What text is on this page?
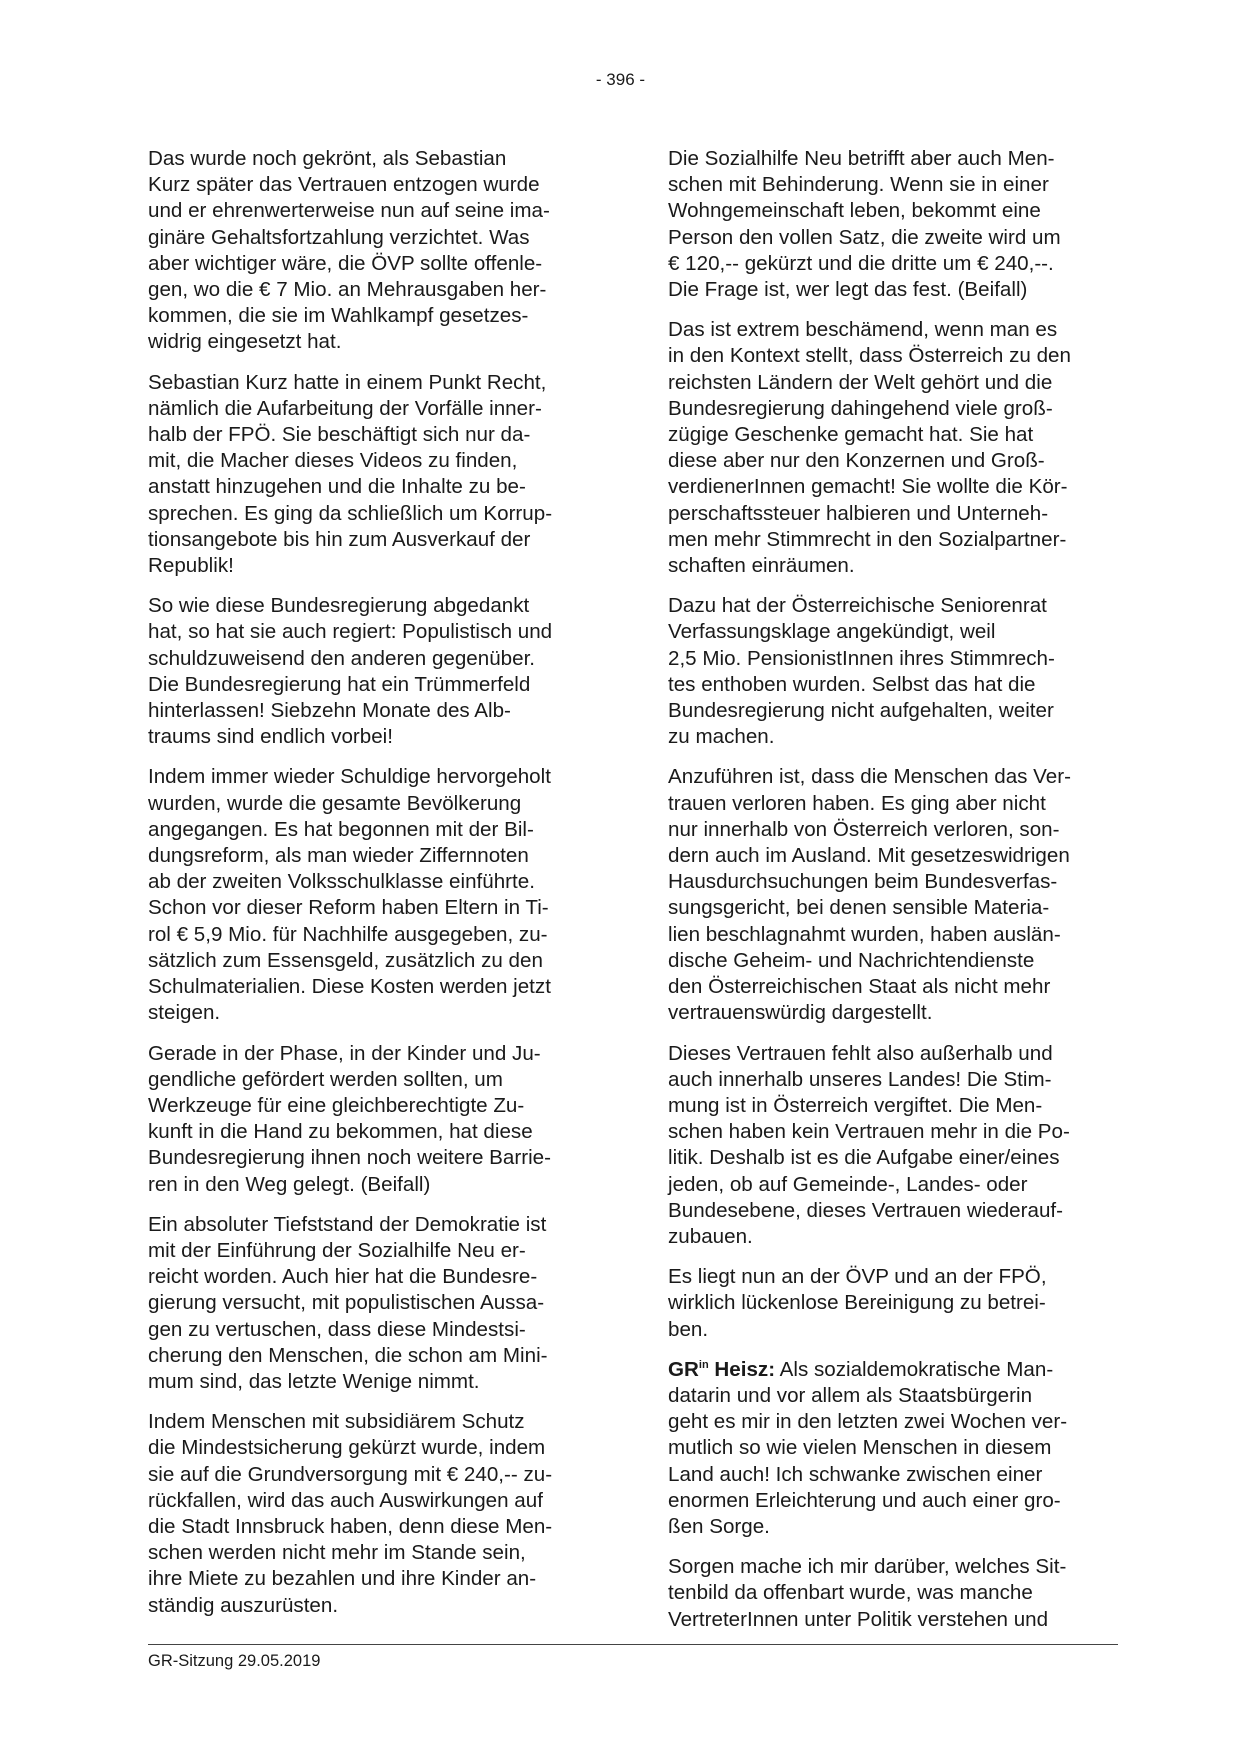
- 396 -

Das wurde noch gekrönt, als Sebastian
Kurz später das Vertrauen entzogen wurde
und er ehrenwerterweise nun auf seine ima-
ginäre Gehaltsfortzahlung verzichtet. Was
aber wichtiger wäre, die ÖVP sollte offenle-
gen, wo die € 7 Mio. an Mehrausgaben her-
kommen, die sie im Wahlkampf gesetzes-
widrig eingesetzt hat.

Sebastian Kurz hatte in einem Punkt Recht,
nämlich die Aufarbeitung der Vorfälle inner-
halb der FPÖ. Sie beschäftigt sich nur da-
mit, die Macher dieses Videos zu finden,
anstatt hinzugehen und die Inhalte zu be-
sprechen. Es ging da schließlich um Korrup-
tionsangebote bis hin zum Ausverkauf der
Republik!

So wie diese Bundesregierung abgedankt
hat, so hat sie auch regiert: Populistisch und
schuldzuweisend den anderen gegenüber.
Die Bundesregierung hat ein Trümmerfeld
hinterlassen! Siebzehn Monate des Alb-
traums sind endlich vorbei!

Indem immer wieder Schuldige hervorgeholt
wurden, wurde die gesamte Bevölkerung
angegangen. Es hat begonnen mit der Bil-
dungsreform, als man wieder Ziffernnoten
ab der zweiten Volksschulklasse einführte.
Schon vor dieser Reform haben Eltern in Ti-
rol € 5,9 Mio. für Nachhilfe ausgegeben, zu-
sätzlich zum Essensgeld, zusätzlich zu den
Schulmaterialien. Diese Kosten werden jetzt
steigen.

Gerade in der Phase, in der Kinder und Ju-
gendliche gefördert werden sollten, um
Werkzeuge für eine gleichberechtigte Zu-
kunft in die Hand zu bekommen, hat diese
Bundesregierung ihnen noch weitere Barrie-
ren in den Weg gelegt. (Beifall)

Ein absoluter Tiefststand der Demokratie ist
mit der Einführung der Sozialhilfe Neu er-
reicht worden. Auch hier hat die Bundesre-
gierung versucht, mit populistischen Aussa-
gen zu vertuschen, dass diese Mindestsi-
cherung den Menschen, die schon am Mini-
mum sind, das letzte Wenige nimmt.

Indem Menschen mit subsidiärem Schutz
die Mindestsicherung gekürzt wurde, indem
sie auf die Grundversorgung mit € 240,-- zu-
rückfallen, wird das auch Auswirkungen auf
die Stadt Innsbruck haben, denn diese Men-
schen werden nicht mehr im Stande sein,
ihre Miete zu bezahlen und ihre Kinder an-
ständig auszurüsten.

Die Sozialhilfe Neu betrifft aber auch Men-
schen mit Behinderung. Wenn sie in einer
Wohngemeinschaft leben, bekommt eine
Person den vollen Satz, die zweite wird um
€ 120,-- gekürzt und die dritte um € 240,--.
Die Frage ist, wer legt das fest. (Beifall)

Das ist extrem beschämend, wenn man es
in den Kontext stellt, dass Österreich zu den
reichsten Ländern der Welt gehört und die
Bundesregierung dahingehend viele groß-
zügige Geschenke gemacht hat. Sie hat
diese aber nur den Konzernen und Groß-
verdienerInnen gemacht! Sie wollte die Kör-
perschaftssteuer halbieren und Unterneh-
men mehr Stimmrecht in den Sozialpartner-
schaften einräumen.

Dazu hat der Österreichische Seniorenrat
Verfassungsklage angekündigt, weil
2,5 Mio. PensionistInnen ihres Stimmrech-
tes enthoben wurden. Selbst das hat die
Bundesregierung nicht aufgehalten, weiter
zu machen.

Anzuführen ist, dass die Menschen das Ver-
trauen verloren haben. Es ging aber nicht
nur innerhalb von Österreich verloren, son-
dern auch im Ausland. Mit gesetzeswidrigen
Hausdurchsuchungen beim Bundesverfas-
sungsgericht, bei denen sensible Materia-
lien beschlagnahmt wurden, haben auslän-
dische Geheim- und Nachrichtendienste
den Österreichischen Staat als nicht mehr
vertrauenswürdig dargestellt.

Dieses Vertrauen fehlt also außerhalb und
auch innerhalb unseres Landes! Die Stim-
mung ist in Österreich vergiftet. Die Men-
schen haben kein Vertrauen mehr in die Po-
litik. Deshalb ist es die Aufgabe einer/eines
jeden, ob auf Gemeinde-, Landes- oder
Bundesebene, dieses Vertrauen wiederauf-
zubauen.

Es liegt nun an der ÖVP und an der FPÖ,
wirklich lückenlose Bereinigung zu betrei-
ben.

$GR^{in}$ Heisz: Als sozialdemokratische Man-
datarin und vor allem als Staatsbürgerin
geht es mir in den letzten zwei Wochen ver-
mutlich so wie vielen Menschen in diesem
Land auch! Ich schwanke zwischen einer
enormen Erleichterung und auch einer gro-
ßen Sorge.

Sorgen mache ich mir darüber, welches Sit-
tenbild da offenbart wurde, was manche
VertreterInnen unter Politik verstehen und

GR-Sitzung 29.05.2019
